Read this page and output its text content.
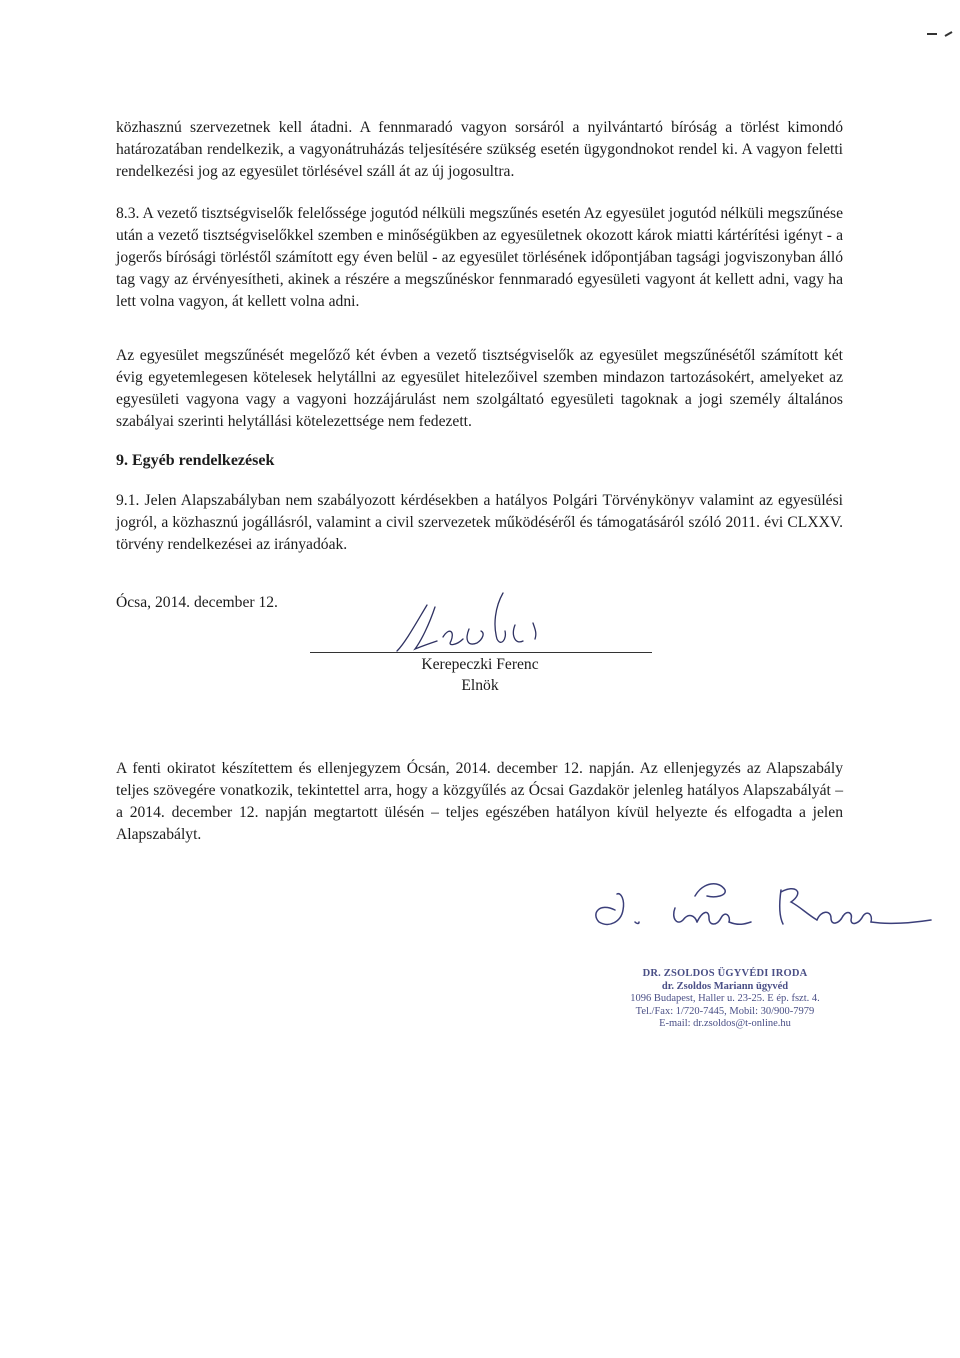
közhasznú szervezetnek kell átadni. A fennmaradó vagyon sorsáról a nyilvántartó bíróság a törlést kimondó határozatában rendelkezik, a vagyonátruházás teljesítésére szükség esetén ügygondnokot rendel ki. A vagyon feletti rendelkezési jog az egyesület törlésével száll át az új jogosultra.

8.3. A vezető tisztségviselők felelőssége jogutód nélküli megszűnés esetén Az egyesület jogutód nélküli megszűnése után a vezető tisztségviselőkkel szemben e minőségükben az egyesületnek okozott károk miatti kártérítési igényt - a jogerős bírósági törléstől számított egy éven belül - az egyesület törlésének időpontjában tagsági jogviszonyban álló tag vagy az érvényesítheti, akinek a részére a megszűnéskor fennmaradó egyesületi vagyont át kellett adni, vagy ha lett volna vagyon, át kellett volna adni.

Az egyesület megszűnését megelőző két évben a vezető tisztségviselők az egyesület megszűnésétől számított két évig egyetemlegesen kötelesek helytállni az egyesület hitelezőivel szemben mindazon tartozásokért, amelyeket az egyesületi vagyona vagy a vagyoni hozzájárulást nem szolgáltató egyesületi tagoknak a jogi személy általános szabályai szerinti helytállási kötelezettsége nem fedezett.

9. Egyéb rendelkezések

9.1. Jelen Alapszabályban nem szabályozott kérdésekben a hatályos Polgári Törvénykönyv valamint az egyesülési jogról, a közhasznú jogállásról, valamint a civil szervezetek működéséről és támogatásáról szóló 2011. évi CLXXV. törvény rendelkezései az irányadóak.

Ócsa, 2014. december 12.
Kerepeczki Ferenc
Elnök

A fenti okiratot készítettem és ellenjegyzem Ócsán, 2014. december 12. napján. Az ellenjegyzés az Alapszabály teljes szövegére vonatkozik, tekintettel arra, hogy a közgyűlés az Ócsai Gazdakör jelenleg hatályos Alapszabályát – a 2014. december 12. napján megtartott ülésén – teljes egészében hatályon kívül helyezte és elfogadta a jelen Alapszabályt.

DR. ZSOLDOS ÜGYVÉDI IRODA
dr. Zsoldos Mariann ügyvéd
1096 Budapest, Haller u. 23-25. E ép. fszt. 4.
Tel./Fax: 1/720-7445, Mobil: 30/900-7979
E-mail: dr.zsoldos@t-online.hu
